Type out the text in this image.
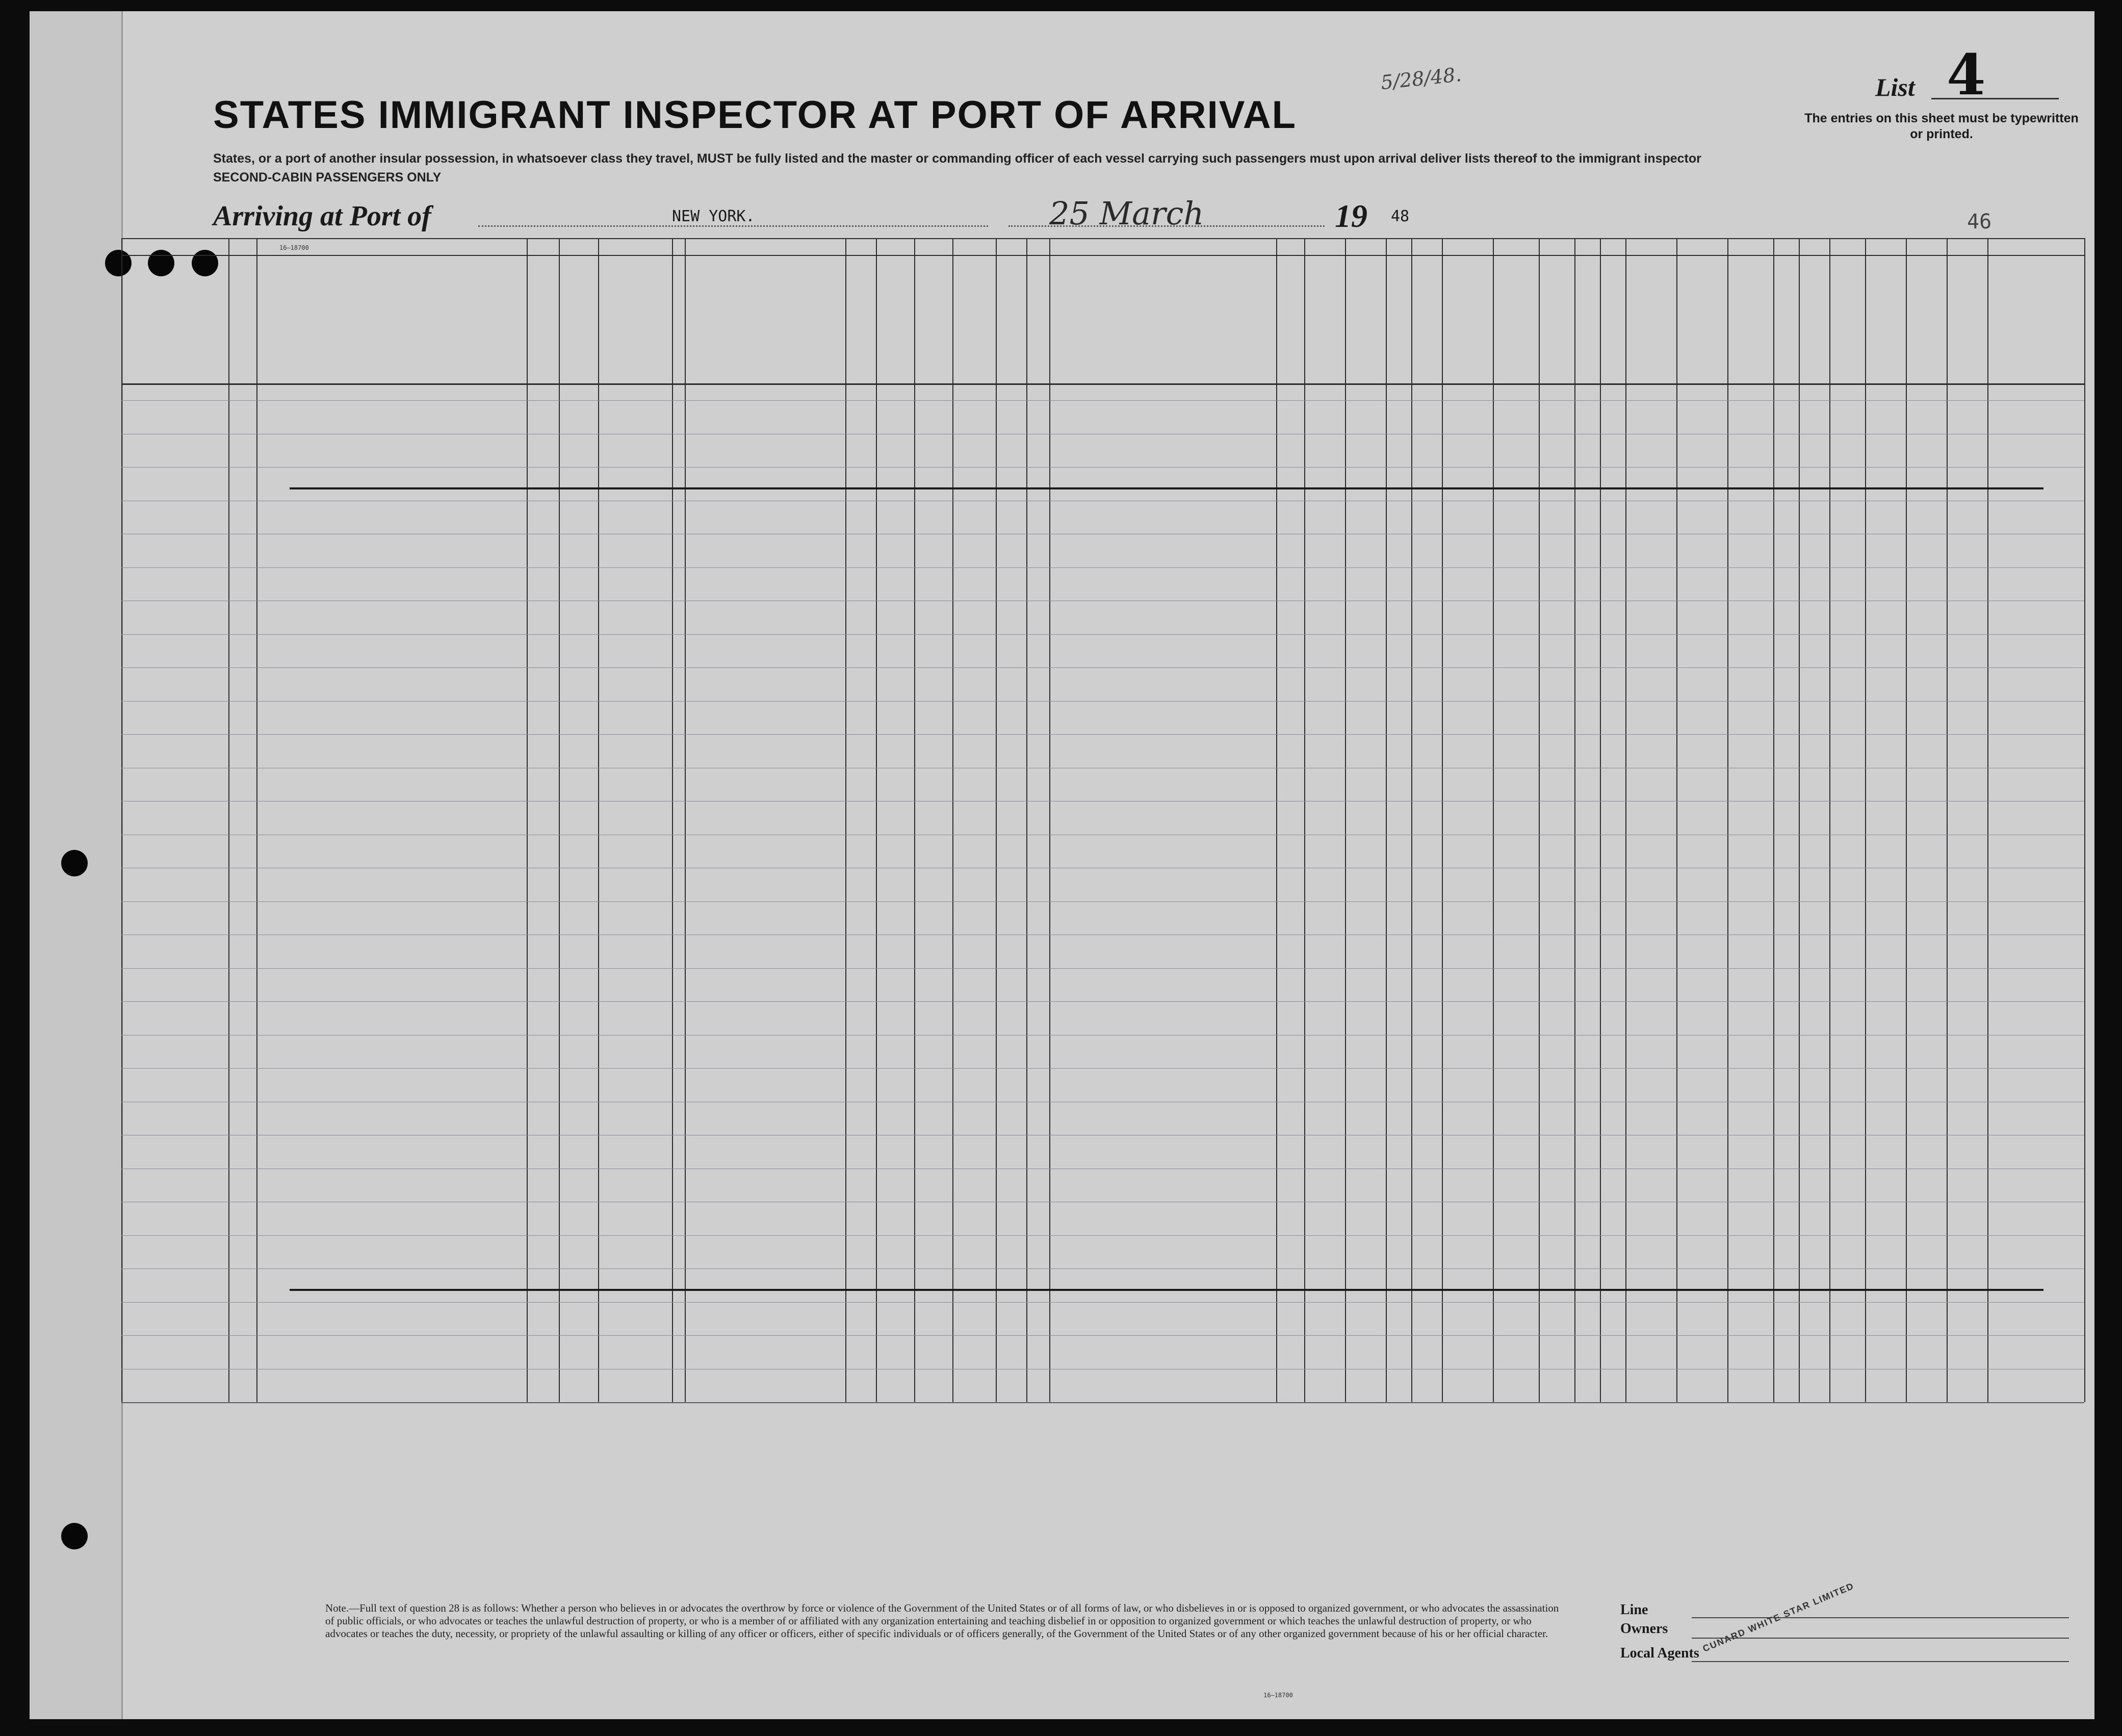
STATES IMMIGRANT INSPECTOR AT PORT OF ARRIVAL
States, or a port of another insular possession, in whatsoever class they travel, MUST be fully listed and the master or commanding officer of each vessel carrying such passengers must upon arrival deliver lists thereof to the immigrant inspector
SECOND-CABIN PASSENGERS ONLY
Arriving at Port of	NEW YORK.	25 March	19 48
5/28/48.	List 4
The entries on this sheet must be typewritten or printed.
46
16—18700
Note.—Full text of question 28 is as follows: Whether a person who believes in or advocates the overthrow by force or violence of the Government of the United States or of all forms of law, or who disbelieves in or is opposed to organized government, or who advocates the assassination of public officials, or who advocates or teaches the unlawful destruction of property, or who is a member of or affiliated with any organization entertaining and teaching disbelief in or opposition to organized government or which teaches the unlawful destruction of property, or who advocates or teaches the duty, necessity, or propriety of the unlawful assaulting or killing of any officer or officers, either of specific individuals or of officers generally, of the Government of the United States or of any other organized government because of his or her official character.
Line
Owners
Local Agents CUNARD WHITE STAR LIMITED
16—18700
